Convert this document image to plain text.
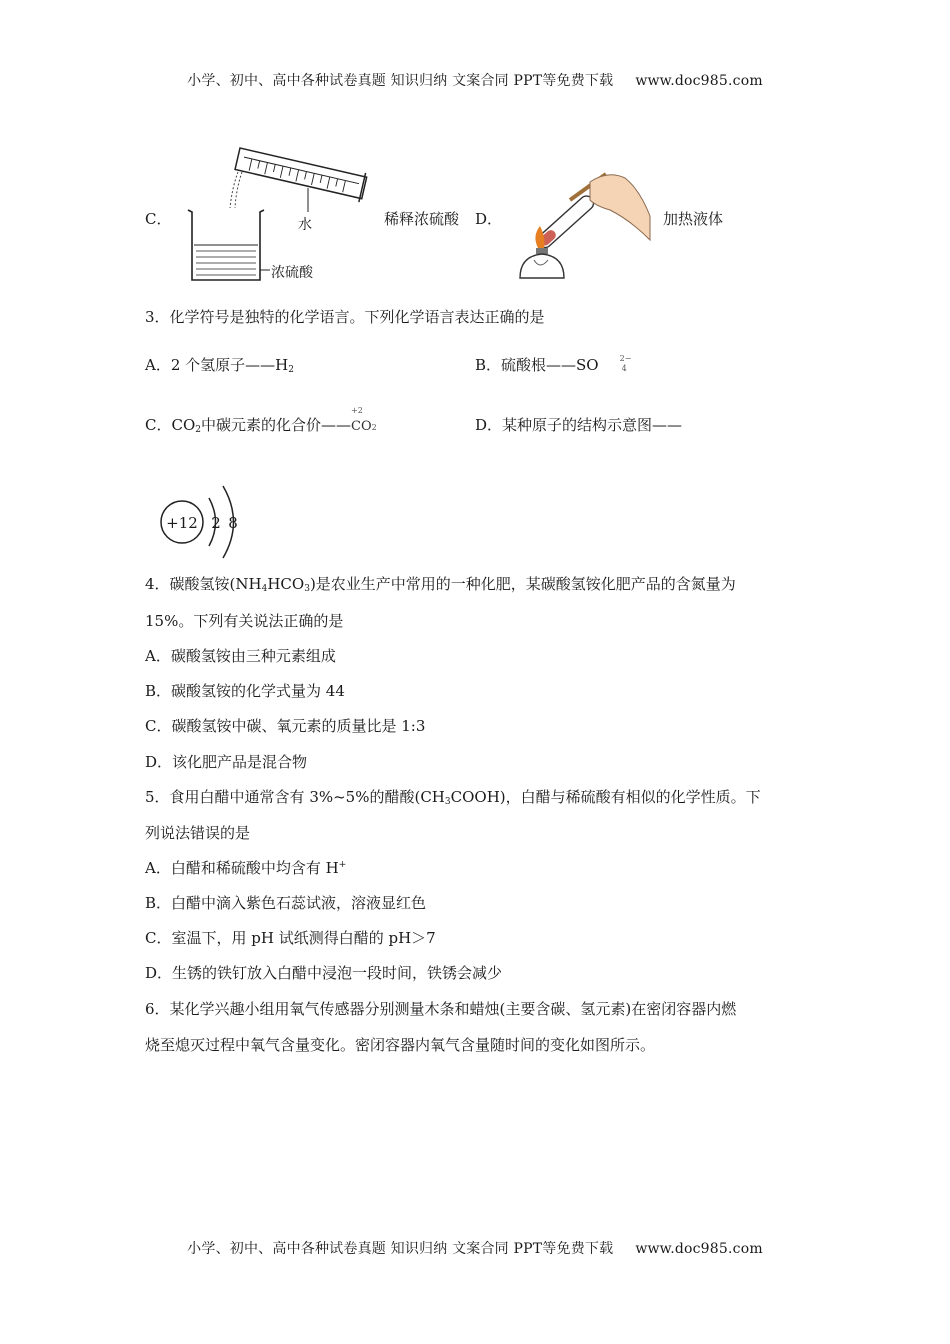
小学、初中、高中各种试卷真题 知识归纳 文案合同 PPT等免费下载 www.doc985.com
C．	水
浓硫酸
稀释浓硫酸 D．	加热液体
3．化学符号是独特的化学语言。下列化学语言表达正确的是
A．2 个氢原子$——H_2$	B．硫酸根——SO	2−
4
C．$CO_2$中碳元素的化合价——
+2
CO2	D．某种原子的结构示意图——
+12 2 8
4．碳酸氢铵$(NH_4HCO_3)$是农业生产中常用的一种化肥，某碳酸氢铵化肥产品的含氮量为
15%。下列有关说法正确的是
A．碳酸氢铵由三种元素组成
B．碳酸氢铵的化学式量为 44
C．碳酸氢铵中碳、氧元素的质量比是 1:3
D．该化肥产品是混合物
5．食用白醋中通常含有 3%~5%的醋酸$(CH_3COOH)$，白醋与稀硫酸有相似的化学性质。下
列说法错误的是
A．白醋和稀硫酸中均含有 H+
B．白醋中滴入紫色石蕊试液，溶液显红色
C．室温下，用 pH 试纸测得白醋的 pH＞7
D．生锈的铁钉放入白醋中浸泡一段时间，铁锈会减少
6．某化学兴趣小组用氧气传感器分别测量木条和蜡烛(主要含碳、氢元素)在密闭容器内燃
烧至熄灭过程中氧气含量变化。密闭容器内氧气含量随时间的变化如图所示。
小学、初中、高中各种试卷真题 知识归纳 文案合同 PPT等免费下载 www.doc985.com
